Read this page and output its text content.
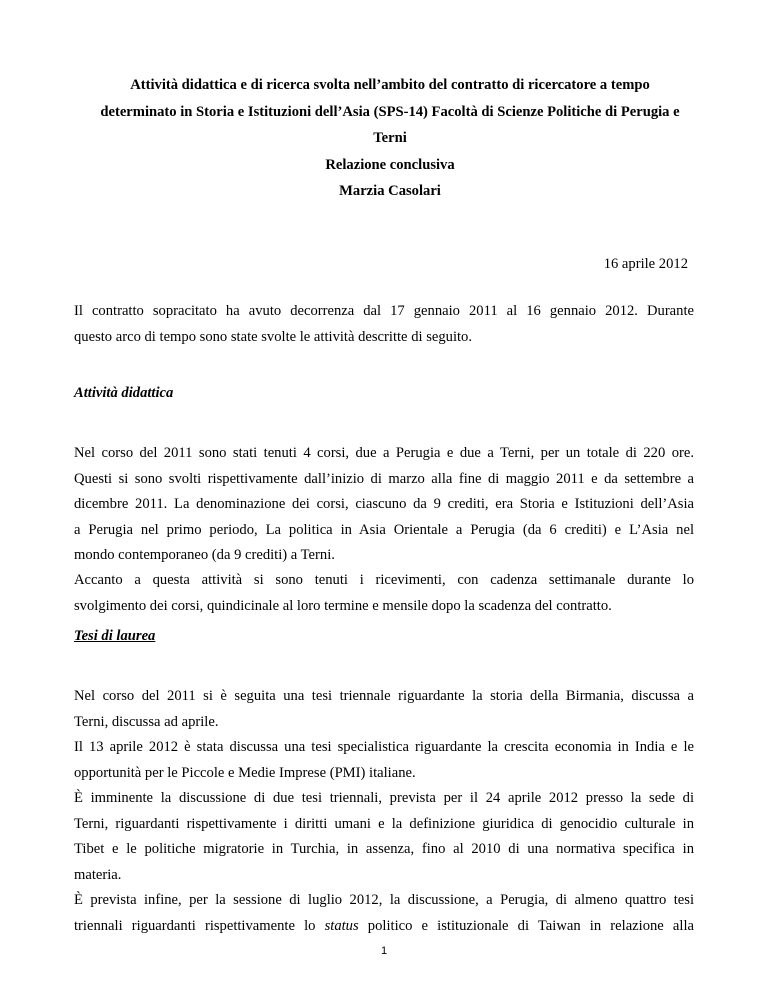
Attività didattica e di ricerca svolta nell’ambito del contratto di ricercatore a tempo
determinato in Storia e Istituzioni dell’Asia (SPS-14) Facoltà di Scienze Politiche di Perugia e
Terni
Relazione conclusiva
Marzia Casolari
16 aprile 2012

Il contratto sopracitato ha avuto decorrenza dal 17 gennaio 2011 al 16 gennaio 2012. Durante
questo arco di tempo sono state svolte le attività descritte di seguito.

Attività didattica

Nel corso del 2011 sono stati tenuti 4 corsi, due a Perugia e due a Terni, per un totale di 220 ore.
Questi si sono svolti rispettivamente dall’inizio di marzo alla fine di maggio 2011 e da settembre a
dicembre 2011. La denominazione dei corsi, ciascuno da 9 crediti, era Storia e Istituzioni dell’Asia
a Perugia nel primo periodo, La politica in Asia Orientale a Perugia (da 6 crediti) e L’Asia nel
mondo contemporaneo (da 9 crediti) a Terni.

Accanto a questa attività si sono tenuti i ricevimenti, con cadenza settimanale durante lo
svolgimento dei corsi, quindicinale al loro termine e mensile dopo la scadenza del contratto.

Tesi di laurea

Nel corso del 2011 si è seguita una tesi triennale riguardante la storia della Birmania, discussa a
Terni, discussa ad aprile.

Il 13 aprile 2012 è stata discussa una tesi specialistica riguardante la crescita economia in India e le
opportunità per le Piccole e Medie Imprese (PMI) italiane.

È imminente la discussione di due tesi triennali, prevista per il 24 aprile 2012 presso la sede di
Terni, riguardanti rispettivamente i diritti umani e la definizione giuridica di genocidio culturale in
Tibet e le politiche migratorie in Turchia, in assenza, fino al 2010 di una normativa specifica in
materia.

È prevista infine, per la sessione di luglio 2012, la discussione, a Perugia, di almeno quattro tesi
triennali riguardanti rispettivamente lo status politico e istituzionale di Taiwan in relazione alla

1
